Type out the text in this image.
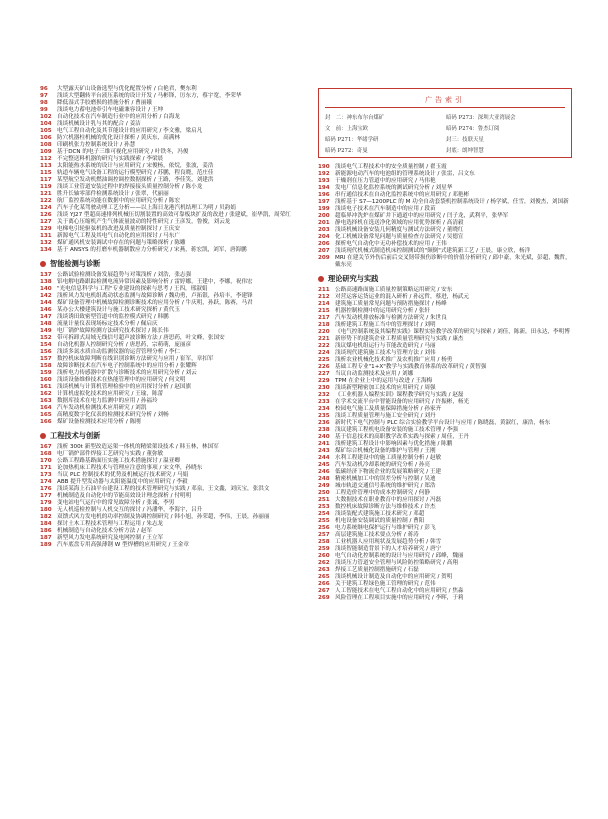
96	大型露天矿山设备选型与优化配置分析 / 白艳君，樊东利
97	浅谈大型翻转平台液压系统的设计开发 / 马彬锋，厉东方，蔡宇宽，李荣华
98	降低湿式手胶磨损的措施分析 / 曹丽娥
99	浅谈电力蓄电池牵引车电磁兼容设计 / 王坤
102 自动化技术在汽车制造行业中的应用分析 / 白海龙
104 浅谈机械设计乳与其的配合 / 姜洁
105 电气工程自动化及其节能设计的应用研究 / 李文雅，梁启凡
106 防穴机器柱机械的优化设计探析 / 黄庆东，高满林
108 印刷机张力控制系统设计 / 孙慧
109 基于DCN 的电子三维可视化应用研究 / 叶铁冬，冯俊
112 不完整送料机器的研究与实践探索 / 李梁晨
113 太阳能热水系统的设计与应用研究 / 宋俊杨，依烷，张波，姜浩
115 轨道车辆电气设备工程的运行模型研究 / 苏鹏，程良晓，范庄佳
117 某型航空发动机燃油调控调控数据探析 / 王路，李佳笑，刘建洪
119 浅谈工业管道安装过程中的焊接接头质量控制分析 / 陈小龙
121 胜升长轴零部件检测系统设计 / 张翠，代丽丽
122 航厂监控系统功能在数据中的应用研究分析 / 陈宏
124 汽车子化某驾驶动理工艺分析——以上海日龙港汽机结理工为明 / 贝韵娟
126 浅谈 YJ27 型超高速排列机械压切割装置的高效可靠板块扩及的改进 / 张建斌，崔华凯，周荣红
127 关于离心压缩机产生气体流量波动的特性研究 / 王彦发，鲁俊，刘云龙
129 电梯电引轮驱弦机的改进及质量控制探讨 / 王庆安
131 新源电气工程及其电气自动化的应用探讨 / 马东广
132 煤矿通风机安装调试中存在的问题与策略探析 / 陈雕
134 基于 ANSYS 的打磨车机器制散应力分析研究 / 宋燕，蒋宏凯，刘军，唐海鹏
智能检测与诊断
137 公路试验检测设备发展趋势与对策浅析 / 刘浩，张志强
138 铝电解电路跟踪检测电流异常因素及影响分析 / 雷婷娜，王建中，李娜，祝伟宏
140 "光电信息科学与工程"专业建设的探索与思考 / 王四，邢淑娟
142 浅析风力发电机组离动状态监测与故障诊断 / 魏功勇，卢拓银，孙培丰，李建锋
144 煤矿设备管理中机械故障检测诊断技术的应用分析 / 牛庆明，孙跃，陈赛，马君
146 某办公大楼建筑设计与施工技术研究探析 / 黄代玉
147 浅谈诱田致密型管道中的监控模式研究 / 韩鹏
148 流量计量仪表现场标定技术分析 / 佩启庆
149 电厂锅炉故障检测方法研究技术探讨 / 陈长伟
152 带可拆卸式局域无线信号超声波诊断方法 / 唐思药，叶文峰，张国安
154 自动化机器人控制研究分析 / 唐思药，宗萌萌，庞丽彦
156 浅谈多氮水质自动监测仪器的运营管理分析 / 李仁
157 数控机床故障判断在线识别诊断方法研究与应用 / 崔军，章扣军
158 故障诊断技术在汽车电子控制系统中的应用分析 / 张耀辉
159 浅析电力传感器中扩散与诊断技术的应用研究分析 / 刘云
160 浅谈设备维修技术在热能管理中的应用研究 / 何文明
161 浅谈机械与计算机管理检验中的应用探讨分析 / 赵国旗
162 计算机虚拟化技术的应用研究 / 王瑜，陈蕾
163 数据库技术在电力监测中的应用 / 孙福玲
164 汽车发动机检测技术应用研究 / 刘凯
165 高精度数字化仪表的检测技术研究分析 / 刘畅
166 煤矿设备检测技术应用分析 / 陈刚
工程技术与创新
167 浅析 300t 新型改造运架一体机的精梁架设技术 / 韩玉林，林国军
168 电厂锅炉部件焊接工艺研究与实践 / 董弥敏
170 公路工程路基路面压实施工技术措施探讨 / 温亚卿
171 论加热机床工程技术与管理应注意的事项 / 宋文华，孙晓东
173 当议 PLC 控制技术的优势及机械运行技术研究 / 马娟
174 ABB 提升型发动器与太阳能温度中的应用研究 / 李毅
176 浅谈某海上石油平台建设工程的技术管理研究与实践 / 邓泉，王文鑫，刘庆宝，张洪文
177 机械制造及自动化中的节能高效设计理念探析 / 付明明
179 变电站电气运行中的常见故障分析 / 张诚，李男
180 无人机巡检控制与人机交互的探讨 / 冯潘华，李海宇，吕升
182 双馈式风力发电机的功率控制及协调控制研究 / 韩小旭，孙荣超，李伟，王晨，孙丽丽
184 探讨土木工程技术管理与工程运用 / 朱志龙
186 机械制造与自动化技术分析方法 / 赵军
187 新型风力发电系统研究及电网控制 / 王立军
189 汽车底盘专用高强薄钢 W 型焊槽的应用研究 / 王金章
广告索引
封　二：神东布尔台煤矿	暗码 P273：深圳大亚湾展会
文　前：上海宝欧	暗码 P274：鲁杰订阅
暗码 P271：华绪学研	封三：技联天星
暗码 P272：奇曼	封底：朗坤智慧
190 浅谈电气工程技术中的安全质量控制 / 翟玉霞
192 新能源电动汽车的电池组的管理系统设计 / 张雷，吕文东
193 干燥剂在压力管道中的应用研究 / 马伟艳
194 发电厂信息化监控系统的测试研究分析 / 刘星华
196 串行通信技术在自动化监控系统中的应用研究 / 邓艳彬
197 浅析基于 S7—1200PLC 的 M 功全自动套袋机控制系统设计 / 杨学斌，任雪，刘俊杰，刘国新
199 浅谈电子技术在汽车制造中的应用 / 段苗
200 超临界冲洗炉在煤矿井下通道中的应用研究 / 闫子龙，武利平，张华军
201 静电选择机在选送净化领域的应用优势探析 / 高清毅
203 浅谈机械设备安装几何精度与测试方法研究 / 董晓红
204 化工机械设备常见问题与质量检查方法研究 / 吴德宣
206 探析电气自动化中无功补偿技术的应用 / 王伟
207 浅谈现代机械式制造机床控制测试的"颠倒"式建筑新工艺 / 王晨，康立欣，杨洋
209 MRI 在建关节外伤后前后交叉韧带损伤诊断中的价值分析研究 / 邱中豪，朱光斌，彭超，魏哲，戴东亮
理论研究与实践
211 公路高速路面施工质量控制策略运用研究 / 安东
212 对营运客运货运业的混入研析 / 孙远哲，蔡进，杨武元
214 建筑施工质量常见问题与预防措施探讨 / 杨峰
215 机器控制检测中的运用研究分析 / 张轩
217 汽车发动机排放标准与检测方法研究 / 朱世良
218 浅析建筑工程施工当中的管理探讨 / 刘明
220 《电气控制系统及其编程实践》课程实验教学改革的研究与探索 / 刘佳，陈新，田永达，李明博
221 新形势下的建筑企业工程质量管理研究与实践 / 康杰
222 浅议煤电机组运行与节能改造研究 / 马丽
224 浅谈现代建筑施工技术与管理方法 / 刘伟
225 浅析农业机械化技术推广及农机推广应用 / 杨勇
226 基础工程专业"1+X"教学与实践教育体系的改革研究 / 黄智强
227 当议自动监测技术及应用 / 刘娜
229 TPM 在企业上中的运用与改进 / 王海梅
230 浅谈新型精密加工技术的应用研究 / 周强
232 《工业机器人编程实训》课程教学研究与实践 / 赵磊
233 在学术交流平台中智能设备的应用研究 / 许振彬，杨光
234 校园电气施工及质量保障措施分析 / 孙家齐
235 浅谈工程质量管理与施工安全研究 / 刘丹
236 新时代下电气控制与 PLC 综合实验教学平台设计与应用 / 陈晓磊，黄淑红，康浩，杨东
238 浅议建筑工程机电设备安装的施工技术管理 / 李强
240 基于信息技术的高职教学改革实践与探索 / 周佳，王丹
241 浅析建筑工程设计中影响因素与优化措施 / 陈鹏
243 煤矿综合机械化设备的维护与管理 / 王刚
244 水利工程建设中的施工质量控制分析 / 赵敏
245 汽车发动机冷却系统的研究分析 / 孙亮
246 低碳经济下物流企业的发展策略研究 / 王建
248 精密机械加工中的误差分析与控制 / 吴迪
249 城市轨道交通信号系统的维护研究 / 郑浩
250 工程造价管理中的成本控制研究 / 何静
251 大数据技术在职业教育中的应用探讨 / 冯磊
253 数控机床故障诊断方法与维修技术 / 许杰
254 浅谈装配式建筑施工技术研究 / 邓超
255 机电设备安装调试的质量控制 / 曹阳
256 电力系统继电保护运行与维护研究 / 彭飞
257 高层建筑施工技术要点分析 / 蒋涛
258 工业机器人应用现状及发展趋势分析 / 韩雪
259 浅谈智能制造背景下的人才培养研究 / 唐宁
260 电气自动化控制系统的设计与应用研究 / 邱峰，魏丽
262 浅谈压力管道安全管理与风险防控策略研究 / 高翔
263 焊接工艺质量控制措施研究 / 石磊
265 浅谈机械设计制造及自动化中的应用研究 / 贺明
266 关于建筑工程绿色施工管理的研究 / 范伟
267 人工智能技术在电气工程自动化中的应用研究 / 焦淼
269 风险管理在工程项目实施中的应用研究 / 李晖，于莉
